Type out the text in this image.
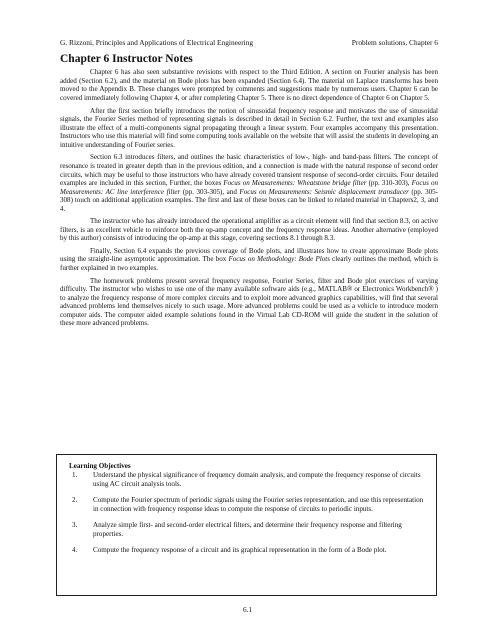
G. Rizzoni, Principles and Applications of Electrical Engineering	Problem solutions, Chapter 6
Chapter 6 Instructor Notes

Chapter 6 has also seen substantive revisions with respect to the Third Edition. A section on Fourier analysis has been added (Section 6.2), and the material on Bode plots has been expanded (Section 6.4). The material on Laplace transforms has been moved to the Appendix B. These changes were prompted by comments and suggestions made by numerous users. Chapter 6 can be covered immediately following Chapter 4, or after completing Chapter 5. There is no direct dependence of Chapter 6 on Chapter 5.

After the first section briefly introduces the notion of sinusoidal frequency response and motivates the use of sinusoidal signals, the Fourier Series method of representing signals is described in detail in Section 6.2. Further, the text and examples also illustrate the effect of a multi-components signal propagating through a linear system. Four examples accompany this presentation. Instructors who use this material will find some computing tools available on the website that will assist the students in developing an intuitive understanding of Fourier series.

Section 6.3 introduces filters, and outlines the basic characteristics of low-, high- and band-pass filters. The concept of resonance is treated in greater depth than in the previous edition, and a connection is made with the natural response of second order circuits, which may be useful to those instructors who have already covered transient response of second-order circuits. Four detailed examples are included in this section, Further, the boxes Focus on Measurements: Wheatstone bridge filter (pp. 310-303), Focus on Measurements: AC line interference filter (pp. 303-305), and Focus on Measurements: Seismic displacement transducer (pp. 305-308) touch on additional application examples. The first and last of these boxes can be linked to related material in Chapters2, 3, and 4.

The instructor who has already introduced the operational amplifier as a circuit element will find that section 8.3, on active filters, is an excellent vehicle to reinforce both the op-amp concept and the frequency response ideas. Another alternative (employed by this author) consists of introducing the op-amp at this stage, covering sections 8.1 through 8.3.

Finally, Section 6.4 expands the previous coverage of Bode plots, and illustrates how to create approximate Bode plots using the straight-line asymptotic approximation. The box Focus on Methodology: Bode Plots clearly outlines the method, which is further explained in two examples.

The homework problems present several frequency response, Fourier Series, filter and Bode plot exercises of varying difficulty. The instructor who wishes to use one of the many available software aids (e.g., MATLAB® or Electronics Workbench® ) to analyze the frequency response of more complex circuits and to exploit more advanced graphics capabilities, will find that several advanced problems lend themselves nicely to such usage. More advanced problems could be used as a vehicle to introduce modern computer aids. The computer aided example solutions found in the Virtual Lab CD-ROM will guide the student in the solution of these more advanced problems.

Learning Objectives
1.	Understand the physical significance of frequency domain analysis, and compute the frequency response of circuits using AC circuit analysis tools.
2.	Compute the Fourier spectrum of periodic signals using the Fourier series representation, and use this representation in connection with frequency response ideas to compute the response of circuits to periodic inputs.
3.	Analyze simple first- and second-order electrical filters, and determine their frequency response and filtering properties.
4.	Compute the frequency response of a circuit and its graphical representation in the form of a Bode plot.
6.1
